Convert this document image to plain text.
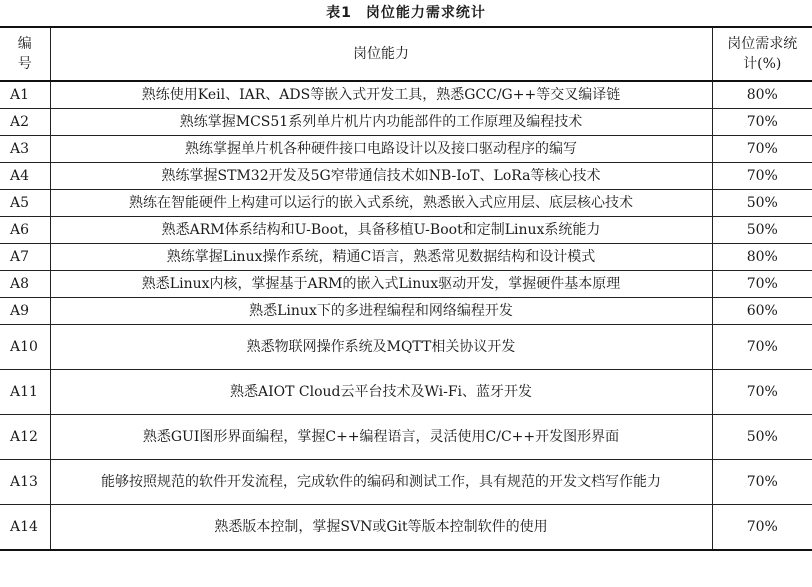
表1 岗位能力需求统计
编号	岗位能力	岗位需求统计(%)
A1	熟练使用Keil、IAR、ADS等嵌入式开发工具，熟悉GCC/G++等交叉编译链	80%
A2	熟练掌握MCS51系列单片机片内功能部件的工作原理及编程技术	70%
A3	熟练掌握单片机各种硬件接口电路设计以及接口驱动程序的编写	70%
A4	熟练掌握STM32开发及5G窄带通信技术如NB-IoT、LoRa等核心技术	70%
A5	熟练在智能硬件上构建可以运行的嵌入式系统，熟悉嵌入式应用层、底层核心技术	50%
A6	熟悉ARM体系结构和U-Boot，具备移植U-Boot和定制Linux系统能力	50%
A7	熟练掌握Linux操作系统，精通C语言，熟悉常见数据结构和设计模式	80%
A8	熟悉Linux内核，掌握基于ARM的嵌入式Linux驱动开发，掌握硬件基本原理	70%
A9	熟悉Linux下的多进程编程和网络编程开发	60%
A10	熟悉物联网操作系统及MQTT相关协议开发	70%
A11	熟悉AIOT Cloud云平台技术及Wi-Fi、蓝牙开发	70%
A12	熟悉GUI图形界面编程，掌握C++编程语言，灵活使用C/C++开发图形界面	50%
A13	能够按照规范的软件开发流程，完成软件的编码和测试工作，具有规范的开发文档写作能力	70%
A14	熟悉版本控制，掌握SVN或Git等版本控制软件的使用	70%
